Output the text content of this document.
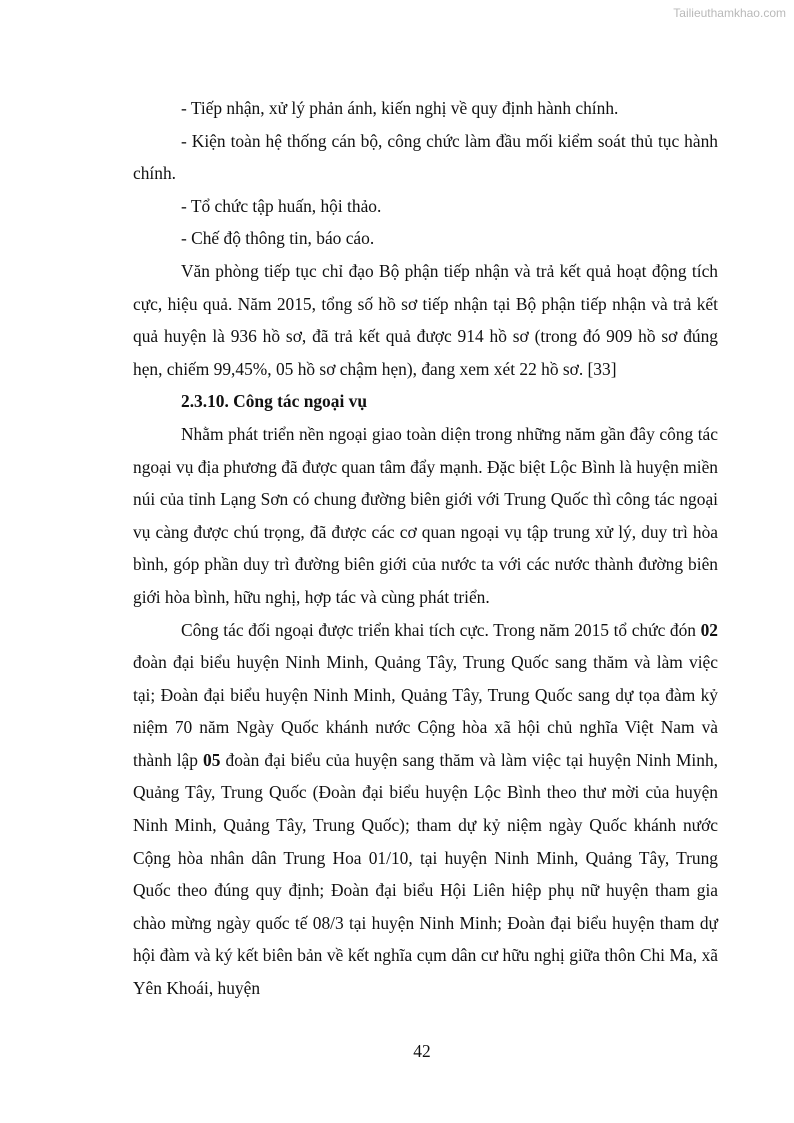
Tailieuthamkhao.com

- Tiếp nhận, xử lý phản ánh, kiến nghị về quy định hành chính.

- Kiện toàn hệ thống cán bộ, công chức làm đầu mối kiểm soát thủ tục hành chính.

- Tổ chức tập huấn, hội thảo.

- Chế độ thông tin, báo cáo.

Văn phòng tiếp tục chỉ đạo Bộ phận tiếp nhận và trả kết quả hoạt động tích cực, hiệu quả. Năm 2015, tổng số hồ sơ tiếp nhận tại Bộ phận tiếp nhận và trả kết quả huyện là 936 hồ sơ, đã trả kết quả được 914 hồ sơ (trong đó 909 hồ sơ đúng hẹn, chiếm 99,45%, 05 hồ sơ chậm hẹn), đang xem xét 22 hồ sơ. [33]

2.3.10. Công tác ngoại vụ

Nhằm phát triển nền ngoại giao toàn diện trong những năm gần đây công tác ngoại vụ địa phương đã được quan tâm đẩy mạnh. Đặc biệt Lộc Bình là huyện miền núi của tỉnh Lạng Sơn có chung đường biên giới với Trung Quốc thì công tác ngoại vụ càng được chú trọng, đã được các cơ quan ngoại vụ tập trung xử lý, duy trì hòa bình, góp phần duy trì đường biên giới của nước ta với các nước thành đường biên giới hòa bình, hữu nghị, hợp tác và cùng phát triển.

Công tác đối ngoại được triển khai tích cực. Trong năm 2015 tổ chức đón 02 đoàn đại biểu huyện Ninh Minh, Quảng Tây, Trung Quốc sang thăm và làm việc tại; Đoàn đại biểu huyện Ninh Minh, Quảng Tây, Trung Quốc sang dự tọa đàm kỷ niệm 70 năm Ngày Quốc khánh nước Cộng hòa xã hội chủ nghĩa Việt Nam và thành lập 05 đoàn đại biểu của huyện sang thăm và làm việc tại huyện Ninh Minh, Quảng Tây, Trung Quốc (Đoàn đại biểu huyện Lộc Bình theo thư mời của huyện Ninh Minh, Quảng Tây, Trung Quốc); tham dự kỷ niệm ngày Quốc khánh nước Cộng hòa nhân dân Trung Hoa 01/10, tại huyện Ninh Minh, Quảng Tây, Trung Quốc theo đúng quy định; Đoàn đại biểu Hội Liên hiệp phụ nữ huyện tham gia chào mừng ngày quốc tế 08/3 tại huyện Ninh Minh; Đoàn đại biểu huyện tham dự hội đàm và ký kết biên bản về kết nghĩa cụm dân cư hữu nghị giữa thôn Chi Ma, xã Yên Khoái, huyện

42
